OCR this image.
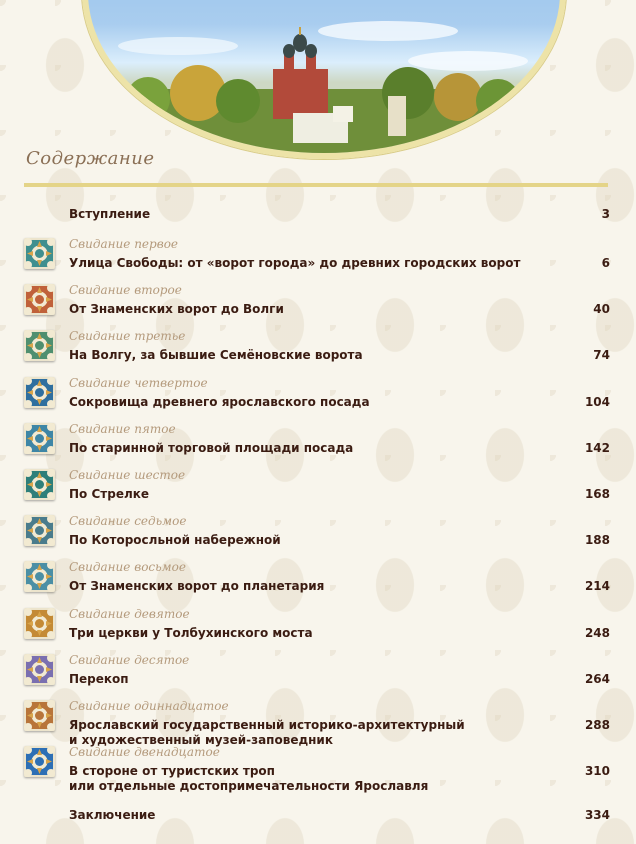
Содержание
Вступление	3
Свидание первое
Улица Свободы: от «ворот города» до древних городских ворот	6
Свидание второе
От Знаменских ворот до Волги	40
Свидание третье
На Волгу, за бывшие Семёновские ворота	74
Свидание четвертое
Сокровища древнего ярославского посада	104
Свидание пятое
По старинной торговой площади посада	142
Свидание шестое
По Стрелке	168
Свидание седьмое
По Которосльной набережной	188
Свидание восьмое
От Знаменских ворот до планетария	214
Свидание девятое
Три церкви у Толбухинского моста	248
Свидание десятое
Перекоп	264
Свидание одиннадцатое
Ярославский государственный историко-архитектурный
и художественный музей-заповедник
288
Свидание двенадцатое
В стороне от туристских троп
или отдельные достопримечательности Ярославля
310
Заключение	334
